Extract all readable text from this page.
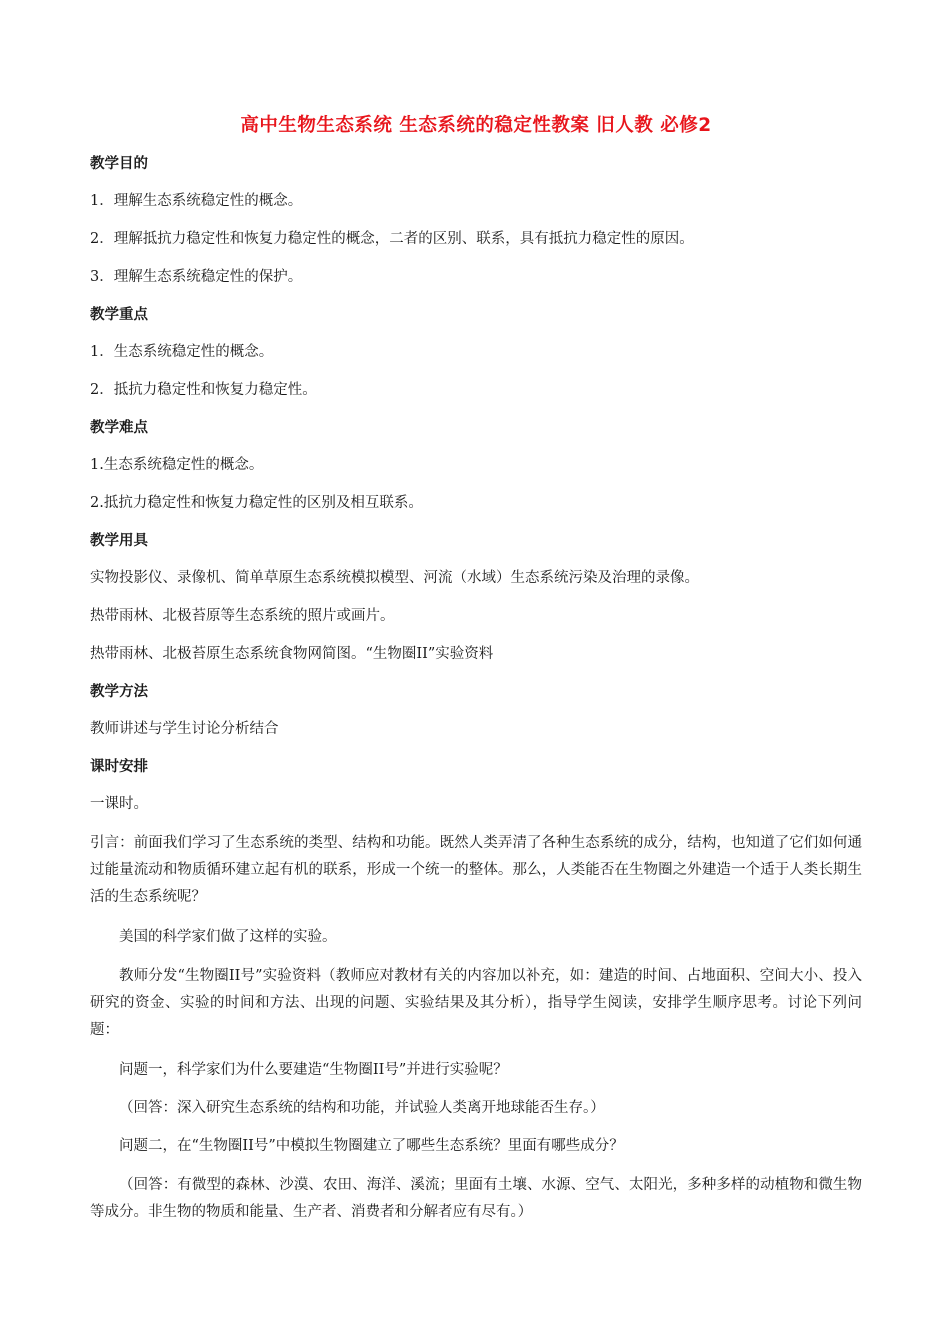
高中生物生态系统 生态系统的稳定性教案 旧人教 必修2
教学目的
1．理解生态系统稳定性的概念。
2．理解抵抗力稳定性和恢复力稳定性的概念，二者的区别、联系，具有抵抗力稳定性的原因。
3．理解生态系统稳定性的保护。
教学重点
1．生态系统稳定性的概念。
2．抵抗力稳定性和恢复力稳定性。
教学难点
1.生态系统稳定性的概念。
2.抵抗力稳定性和恢复力稳定性的区别及相互联系。
教学用具
实物投影仪、录像机、简单草原生态系统模拟模型、河流（水域）生态系统污染及治理的录像。
热带雨林、北极苔原等生态系统的照片或画片。
热带雨林、北极苔原生态系统食物网简图。“生物圈II”实验资料
教学方法
教师讲述与学生讨论分析结合
课时安排
一课时。
引言：前面我们学习了生态系统的类型、结构和功能。既然人类弄清了各种生态系统的成分，结构，也知道了它们如何通过能量流动和物质循环建立起有机的联系，形成一个统一的整体。那么，人类能否在生物圈之外建造一个适于人类长期生活的生态系统呢？
美国的科学家们做了这样的实验。
教师分发“生物圈II号”实验资料（教师应对教材有关的内容加以补充，如：建造的时间、占地面积、空间大小、投入研究的资金、实验的时间和方法、出现的问题、实验结果及其分析），指导学生阅读，安排学生顺序思考。讨论下列问题：
问题一，科学家们为什么要建造“生物圈II号”并进行实验呢？
（回答：深入研究生态系统的结构和功能，并试验人类离开地球能否生存。）
问题二，在“生物圈II号”中模拟生物圈建立了哪些生态系统？里面有哪些成分？
（回答：有微型的森林、沙漠、农田、海洋、溪流；里面有土壤、水源、空气、太阳光，多种多样的动植物和微生物等成分。非生物的物质和能量、生产者、消费者和分解者应有尽有。）
